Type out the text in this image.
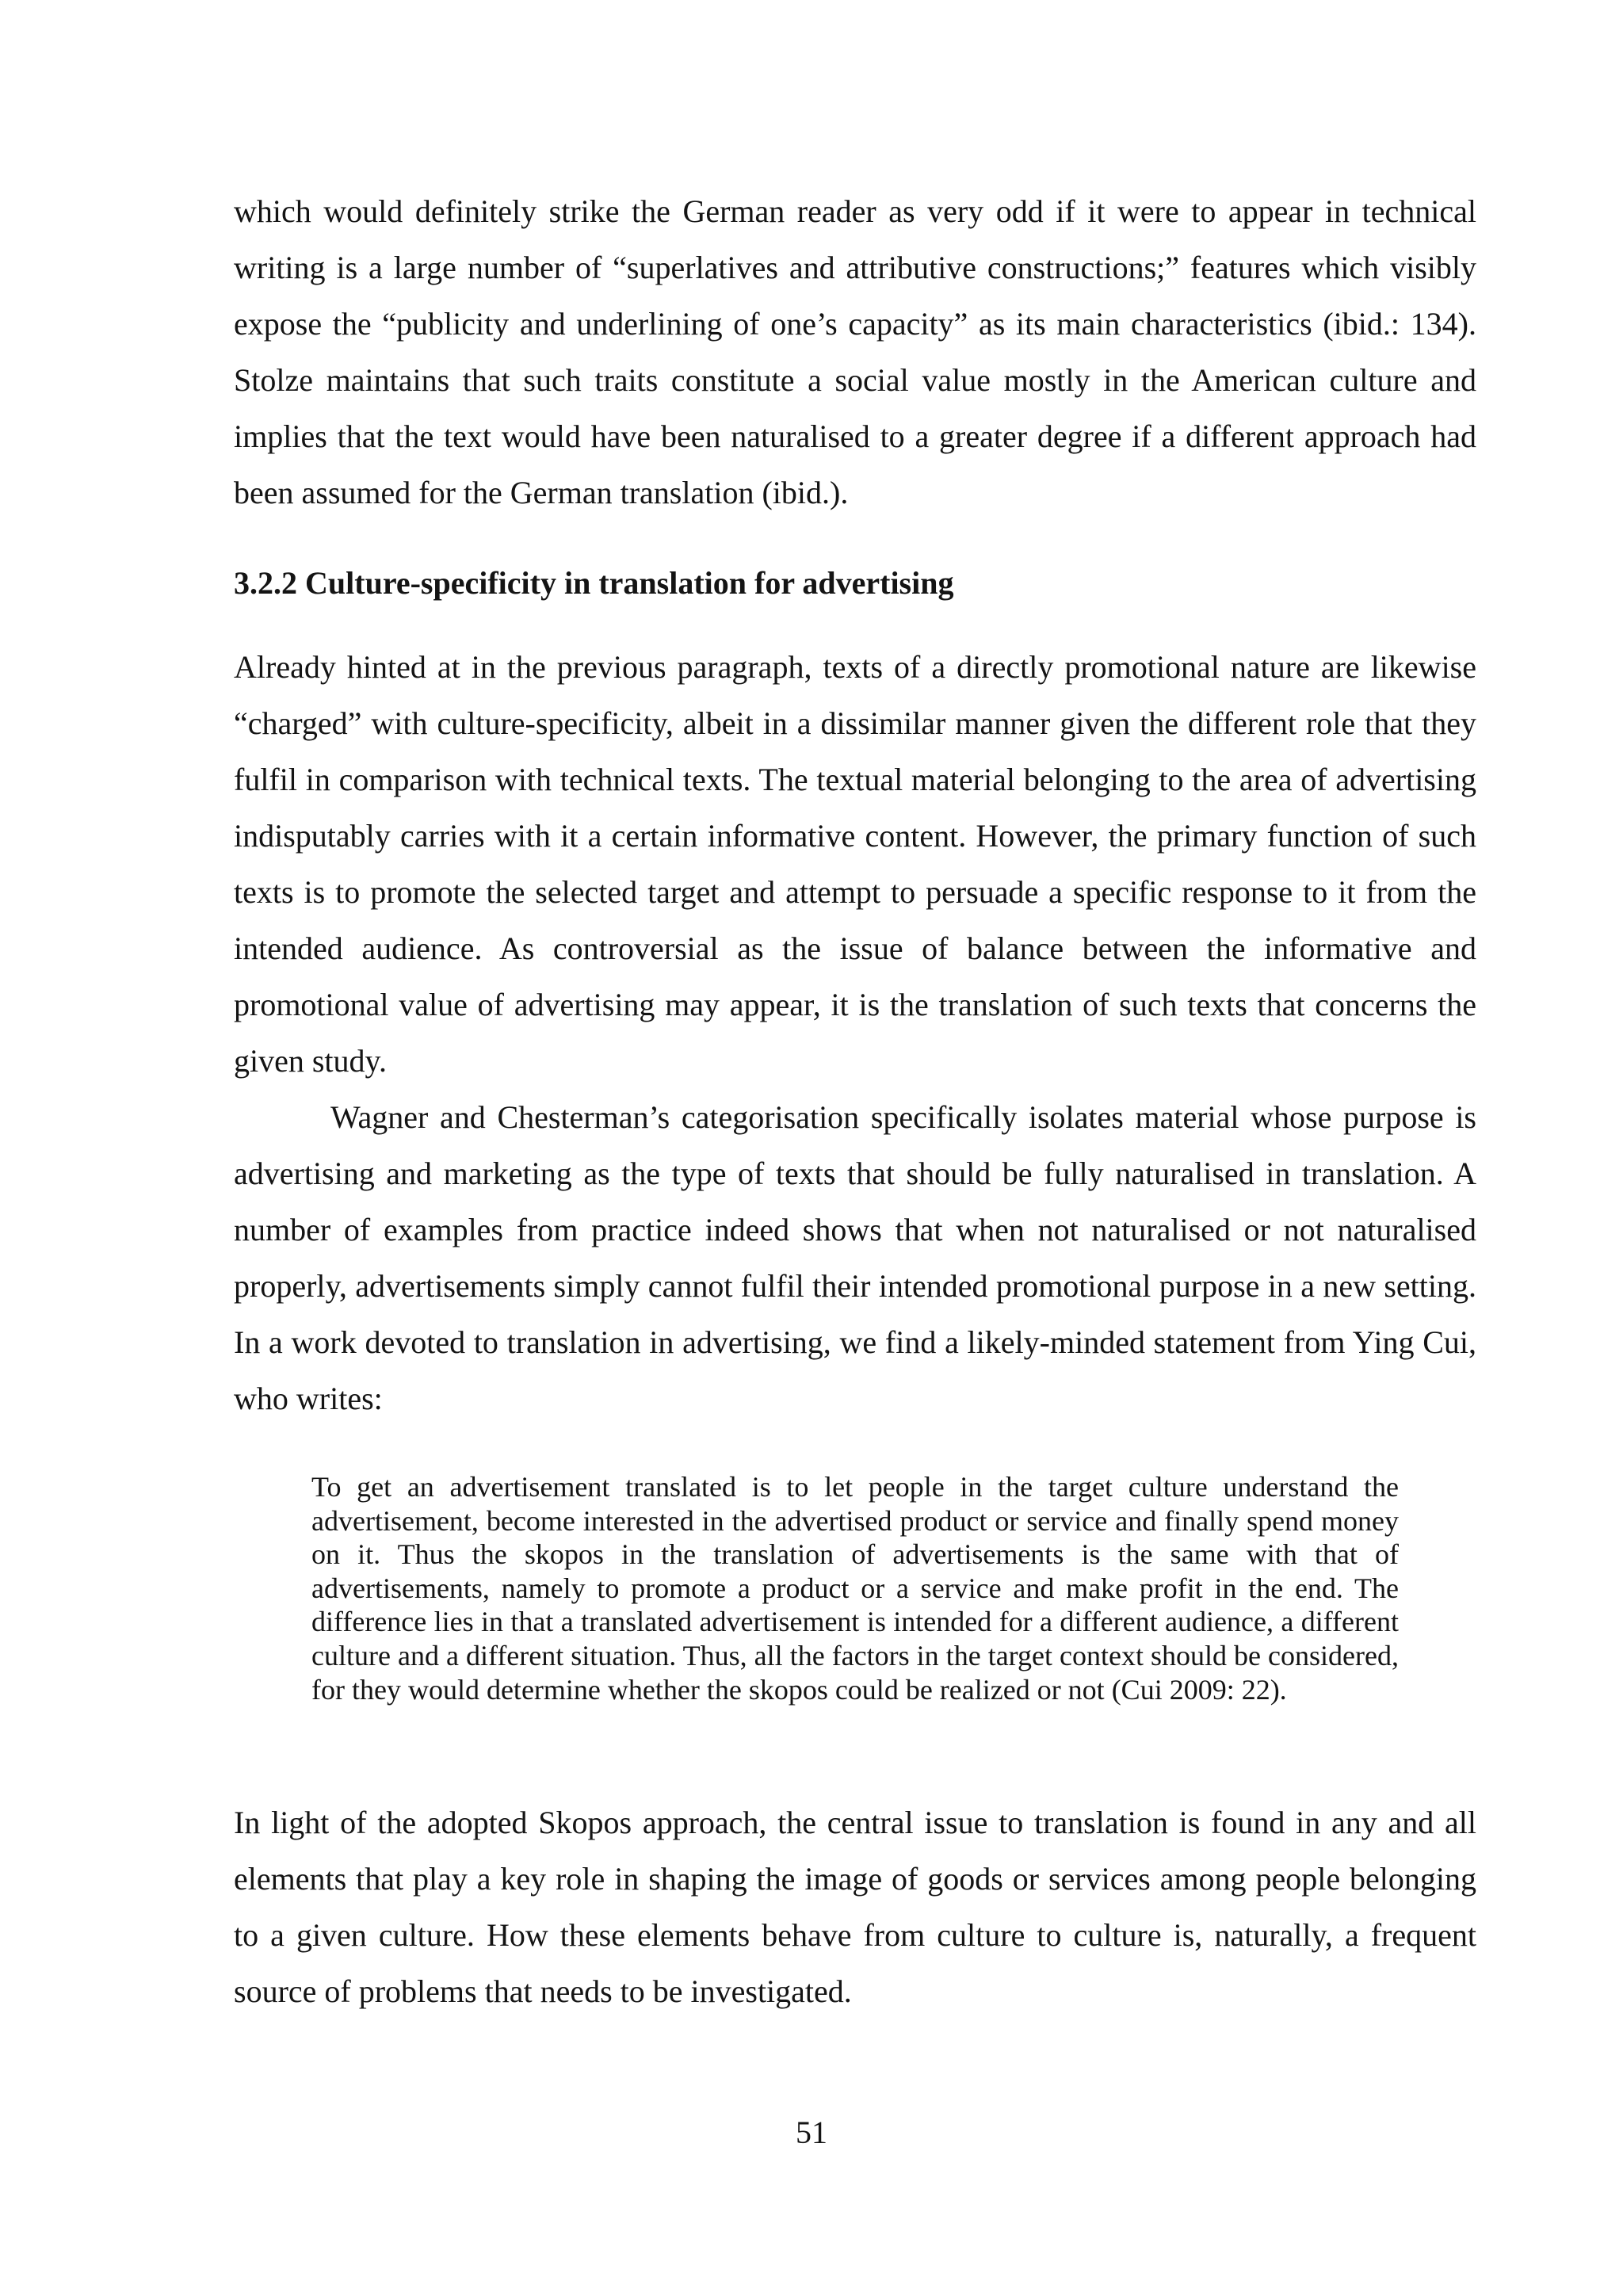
which would definitely strike the German reader as very odd if it were to appear in technical writing is a large number of “superlatives and attributive constructions;” features which visibly expose the “publicity and underlining of one’s capacity” as its main characteristics (ibid.: 134). Stolze maintains that such traits constitute a social value mostly in the American culture and implies that the text would have been naturalised to a greater degree if a different approach had been assumed for the German translation (ibid.).

3.2.2 Culture-specificity in translation for advertising

Already hinted at in the previous paragraph, texts of a directly promotional nature are likewise “charged” with culture-specificity, albeit in a dissimilar manner given the different role that they fulfil in comparison with technical texts. The textual material belonging to the area of advertising indisputably carries with it a certain informative content. However, the primary function of such texts is to promote the selected target and attempt to persuade a specific response to it from the intended audience. As controversial as the issue of balance between the informative and promotional value of advertising may appear, it is the translation of such texts that concerns the given study.

Wagner and Chesterman’s categorisation specifically isolates material whose purpose is advertising and marketing as the type of texts that should be fully naturalised in translation. A number of examples from practice indeed shows that when not naturalised or not naturalised properly, advertisements simply cannot fulfil their intended promotional purpose in a new setting. In a work devoted to translation in advertising, we find a likely-minded statement from Ying Cui, who writes:

To get an advertisement translated is to let people in the target culture understand the advertisement, become interested in the advertised product or service and finally spend money on it. Thus the skopos in the translation of advertisements is the same with that of advertisements, namely to promote a product or a service and make profit in the end. The difference lies in that a translated advertisement is intended for a different audience, a different culture and a different situation. Thus, all the factors in the target context should be considered, for they would determine whether the skopos could be realized or not (Cui 2009: 22).

In light of the adopted Skopos approach, the central issue to translation is found in any and all elements that play a key role in shaping the image of goods or services among people belonging to a given culture. How these elements behave from culture to culture is, naturally, a frequent source of problems that needs to be investigated.

51
